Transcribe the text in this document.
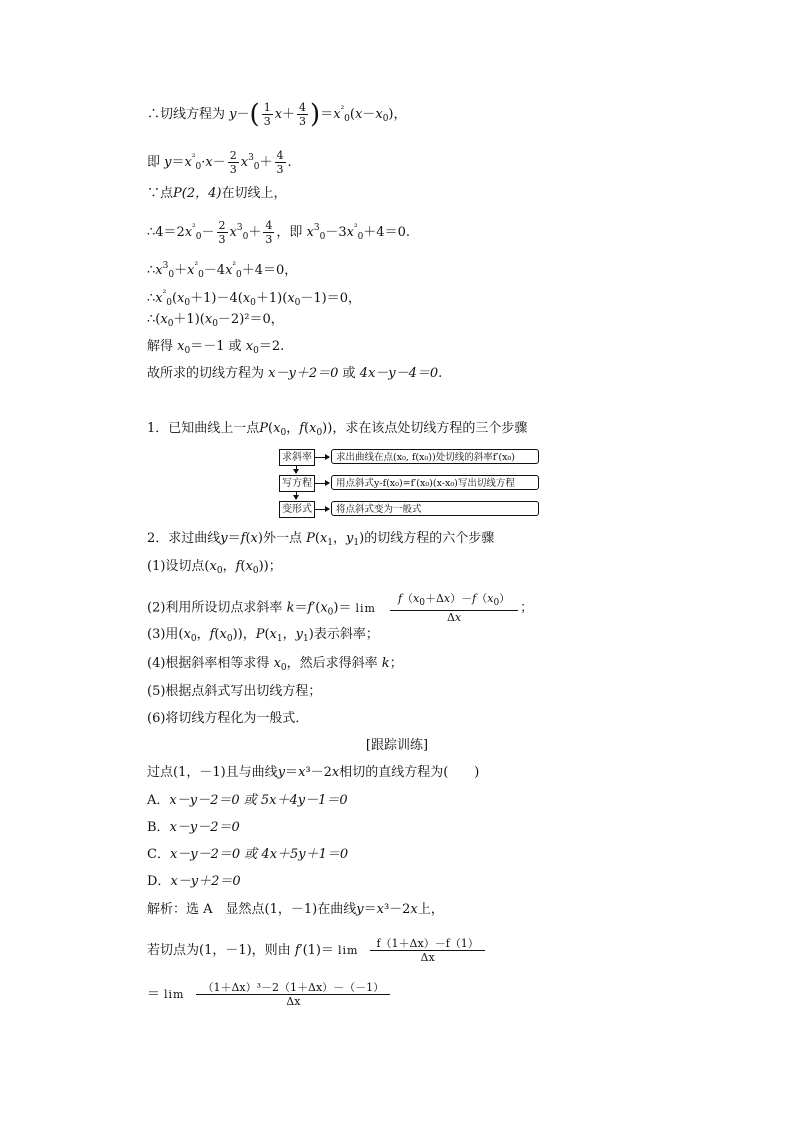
∴切线方程为 $y-( \frac{1}{3} x+ \frac{4}{3} )=x^{^2}_0(x-x_0)$，
即 $y=x^{^2}_0\cdot x- \frac{2}{3} x^3_0+ \frac{4}{3}$ .
∵点P(2，4)在切线上，
$\therefore 4=2x^{^2}_0- \frac{2}{3} x^3_0+ \frac{4}{3}$ ，即 $x^3_0-3x^{^2}_0+4=0$.
$\therefore x^3_0+x^{^2}_0-4x^{^2}_0+4=0$，
$\therefore x^{^2}_0(x_0+1)-4(x_0+1)(x_0-1)=0$，
$\therefore(x_0+1)(x_0-2)^2=0$，
解得 $x_0=-1$ 或 $x_0=2$.
故所求的切线方程为 x－y＋2＝0 或 4x－y－4＝0.
1．已知曲线上一点$P(x_0$，$f(x_0)$)，求在该点处切线方程的三个步骤
求斜率	求出曲线在点(x₀, f(x₀))处切线的斜率f′(x₀)
写方程	用点斜式y-f(x₀)=f′(x₀)(x-x₀)写出切线方程
变形式	将点斜式变为一般式
2．求过曲线y＝f(x)外一点 $P(x_1$，$y_1$)的切线方程的六个步骤
(1)设切点($x_0$，$f(x_0)$)；
(2)利用所设切点求斜率 $k=f'(x_0)= \lim \frac{f(x_0+\Delta x)-f(x_0)}{\Delta x}$ ；
(3)用($x_0$，$f(x_0)$)，$P(x_1$，$y_1$)表示斜率；
(4)根据斜率相等求得 $x_0$，然后求得斜率 k；
(5)根据点斜式写出切线方程；
(6)将切线方程化为一般式．
[跟踪训练]
过点(1，－1)且与曲线y＝x³－2x相切的直线方程为(　　)
A．x－y－2＝0 或 5x＋4y－1＝0
B．x－y－2＝0
C．x－y－2＝0 或 4x＋5y＋1＝0
D．x－y＋2＝0
解析：选 A　显然点(1，－1)在曲线y＝x³－2x上，
若切点为(1，－1)，则由 $f'(1)= \lim \frac{f(1+\Delta x)-f(1)}{\Delta x}$
＝ $\lim \frac{\text{（1＋Δx）³－2（1＋Δx）－（－1）}}{\Delta x}$
